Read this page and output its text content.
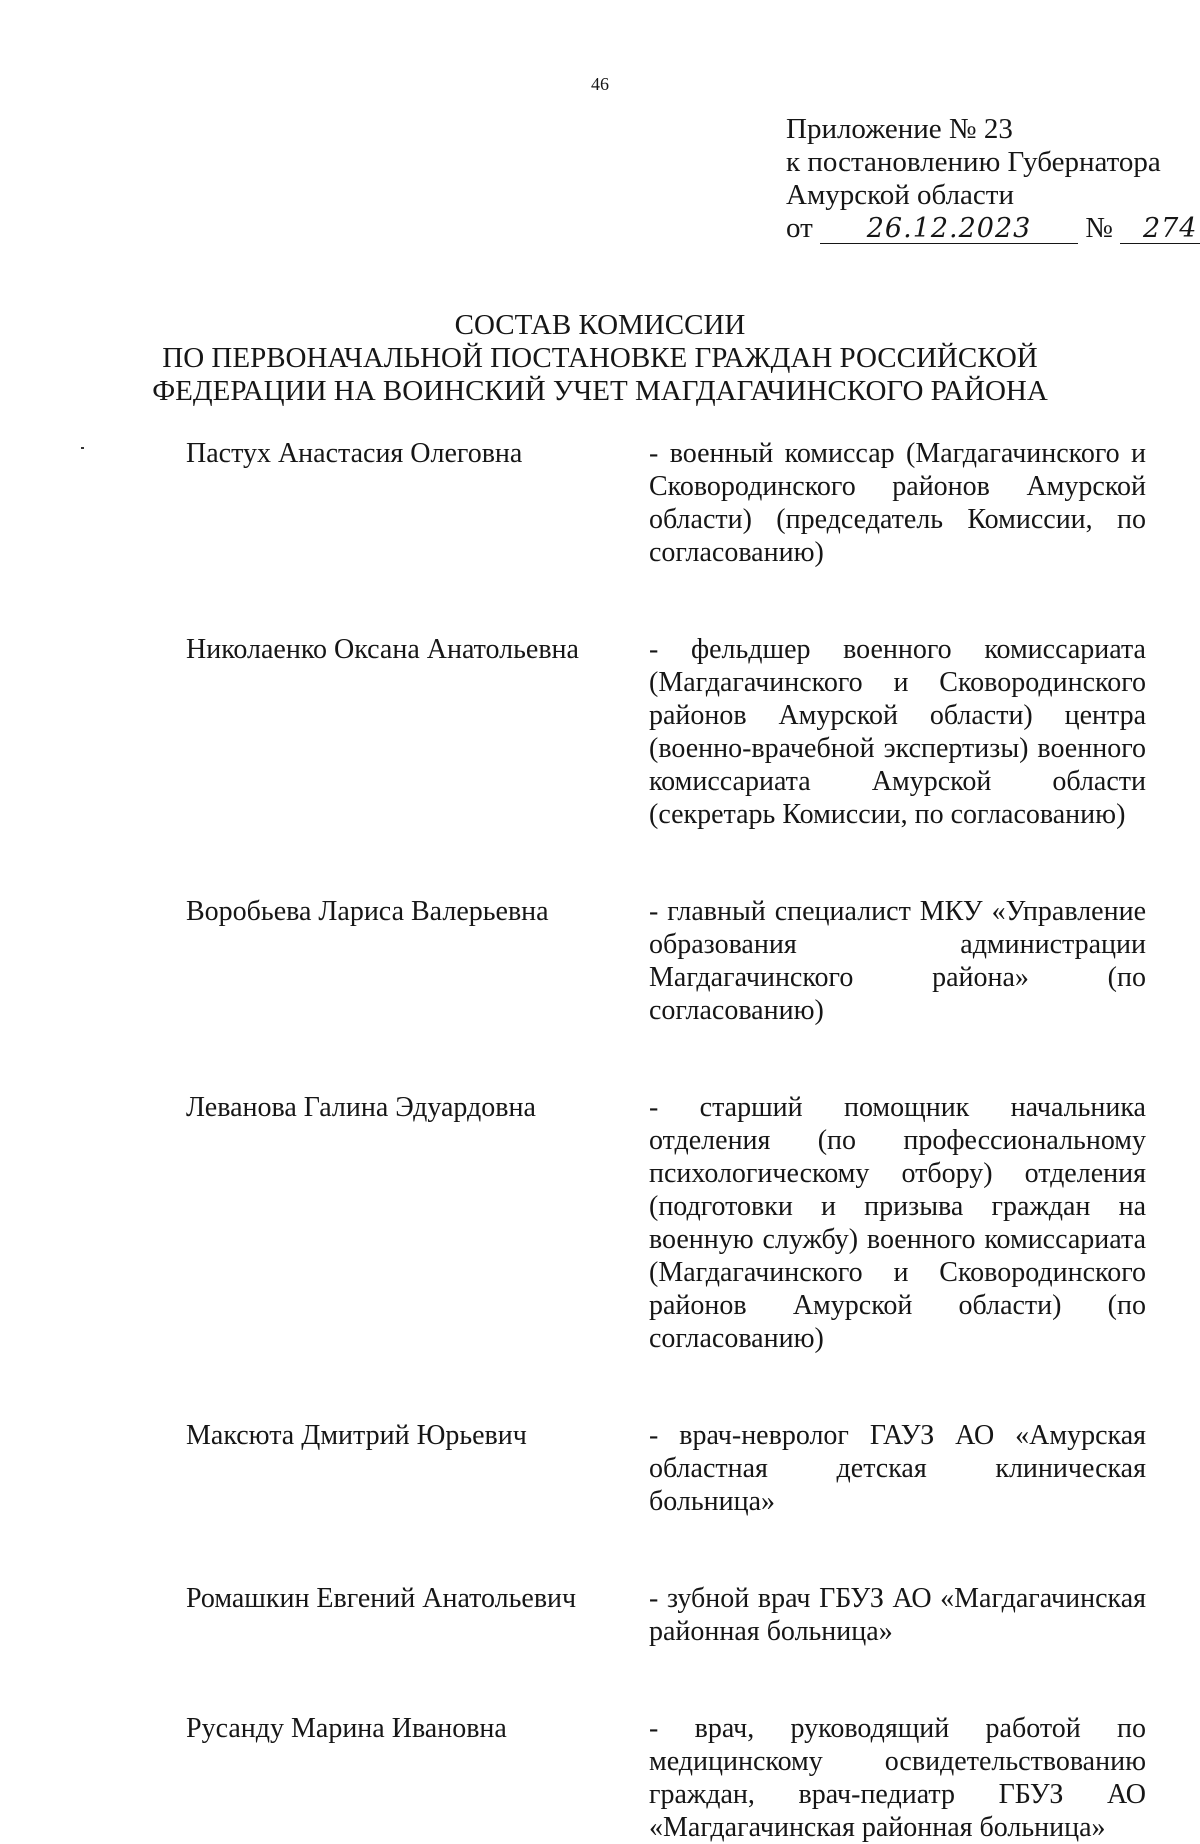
46
Приложение № 23
к постановлению Губернатора
Амурской области
от 26.12.2023 № 274
СОСТАВ КОМИССИИ
ПО ПЕРВОНАЧАЛЬНОЙ ПОСТАНОВКЕ ГРАЖДАН РОССИЙСКОЙ
ФЕДЕРАЦИИ НА ВОИНСКИЙ УЧЕТ МАГДАГАЧИНСКОГО РАЙОНА
Пастух Анастасия Олеговна	- военный комиссар (Магдагачинского и Сковородинского районов Амурской области) (председатель Комиссии, по согласованию)
Николаенко Оксана Анатольевна	- фельдшер военного комиссариата (Магдагачинского и Сковородинского районов Амурской области) центра (военно-врачебной экспертизы) военного комиссариата Амурской области (секретарь Комиссии, по согласованию)
Воробьева Лариса Валерьевна	- главный специалист МКУ «Управление образования администрации Магдагачинского района» (по согласованию)
Леванова Галина Эдуардовна	- старший помощник начальника отделения (по профессиональному психологическому отбору) отделения (подготовки и призыва граждан на военную службу) военного комиссариата (Магдагачинского и Сковородинского районов Амурской области) (по согласованию)
Максюта Дмитрий Юрьевич	- врач-невролог ГАУЗ АО «Амурская областная детская клиническая больница»
Ромашкин Евгений Анатольевич	- зубной врач ГБУЗ АО «Магдагачинская районная больница»
Русанду Марина Ивановна	- врач, руководящий работой по медицинскому освидетельствованию граждан, врач-педиатр ГБУЗ АО «Магдагачинская районная больница»
